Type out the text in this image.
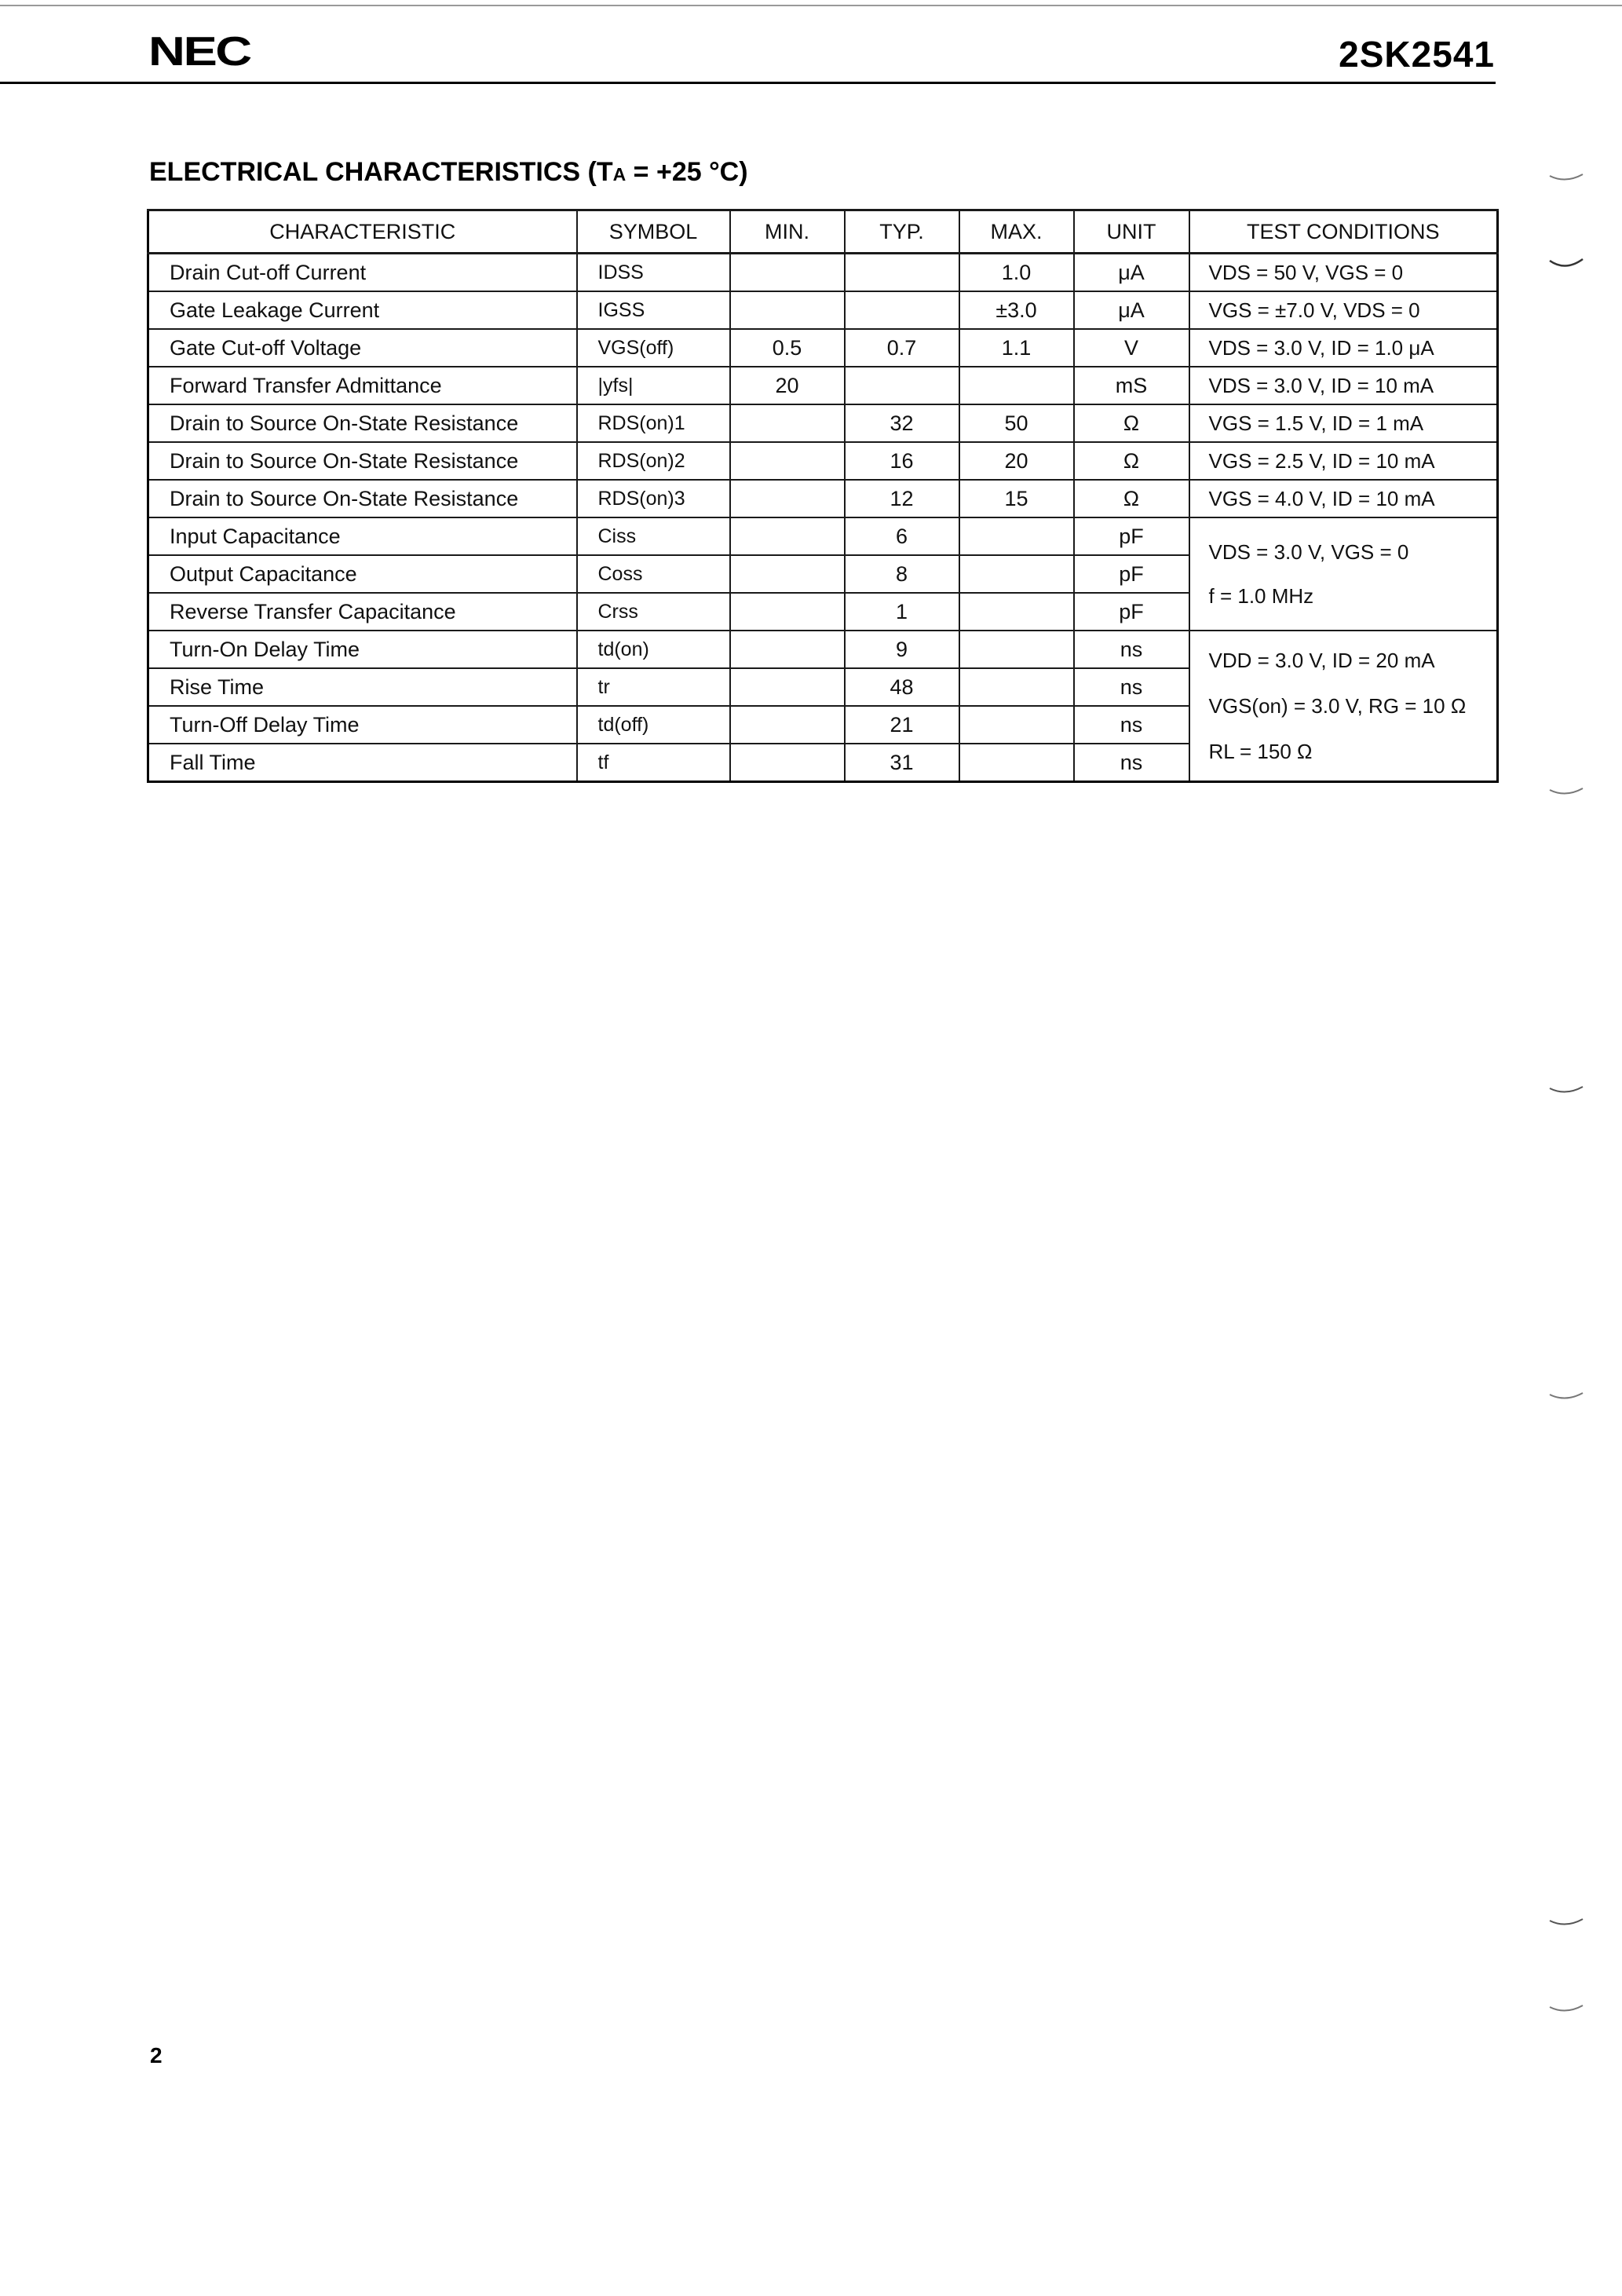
NEC	2SK2541
ELECTRICAL CHARACTERISTICS (TA = +25 °C)
CHARACTERISTIC	SYMBOL	MIN.	TYP.	MAX.	UNIT	TEST CONDITIONS
Drain Cut-off Current	IDSS			1.0	μA	VDS = 50 V, VGS = 0
Gate Leakage Current	IGSS			±3.0	μA	VGS = ±7.0 V, VDS = 0
Gate Cut-off Voltage	VGS(off)	0.5	0.7	1.1	V	VDS = 3.0 V, ID = 1.0 μA
Forward Transfer Admittance	|yfs|	20			mS	VDS = 3.0 V, ID = 10 mA
Drain to Source On-State Resistance	RDS(on)1		32	50	Ω	VGS = 1.5 V, ID = 1 mA
Drain to Source On-State Resistance	RDS(on)2		16	20	Ω	VGS = 2.5 V, ID = 10 mA
Drain to Source On-State Resistance	RDS(on)3		12	15	Ω	VGS = 4.0 V, ID = 10 mA
Input Capacitance	Ciss		6		pF	VDS = 3.0 V, VGS = 0
f = 1.0 MHz

Output Capacitance	Coss		8		pF	
Reverse Transfer Capacitance	Crss		1		pF	
Turn-On Delay Time	td(on)		9		ns	VDD = 3.0 V, ID = 20 mA
VGS(on) = 3.0 V, RG = 10 Ω
RL = 150 Ω

Rise Time	tr		48		ns	
Turn-Off Delay Time	td(off)		21		ns	
Fall Time	tf		31		ns	
2
